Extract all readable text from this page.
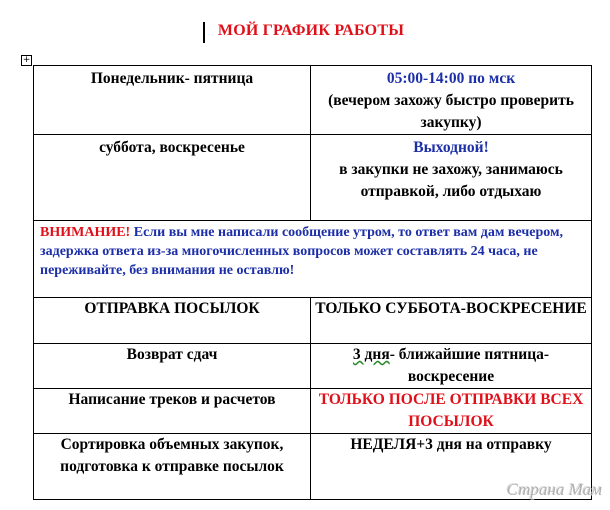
МОЙ ГРАФИК РАБОТЫ
+
Понедельник- пятница	05:00-14:00 по мск
(вечером захожу быстро проверить закупку)

суббота, воскресенье	Выходной!
в закупки не захожу, занимаюсь отправкой, либо отдыхаю

ВНИМАНИЕ! Если вы мне написали сообщение утром, то ответ вам дам вечером, задержка ответа из-за многочисленных вопросов может составлять 24 часа, не переживайте, без внимания не оставлю!	
ОТПРАВКА ПОСЫЛОК	ТОЛЬКО СУББОТА-ВОСКРЕСЕНИЕ
Возврат сдач	3 дня- ближайшие пятница-воскресение
Написание треков и расчетов	ТОЛЬКО ПОСЛЕ ОТПРАВКИ ВСЕХ ПОСЫЛОК
Сортировка объемных закупок, подготовка к отправке посылок	НЕДЕЛЯ+3 дня на отправку
Страна Мам
